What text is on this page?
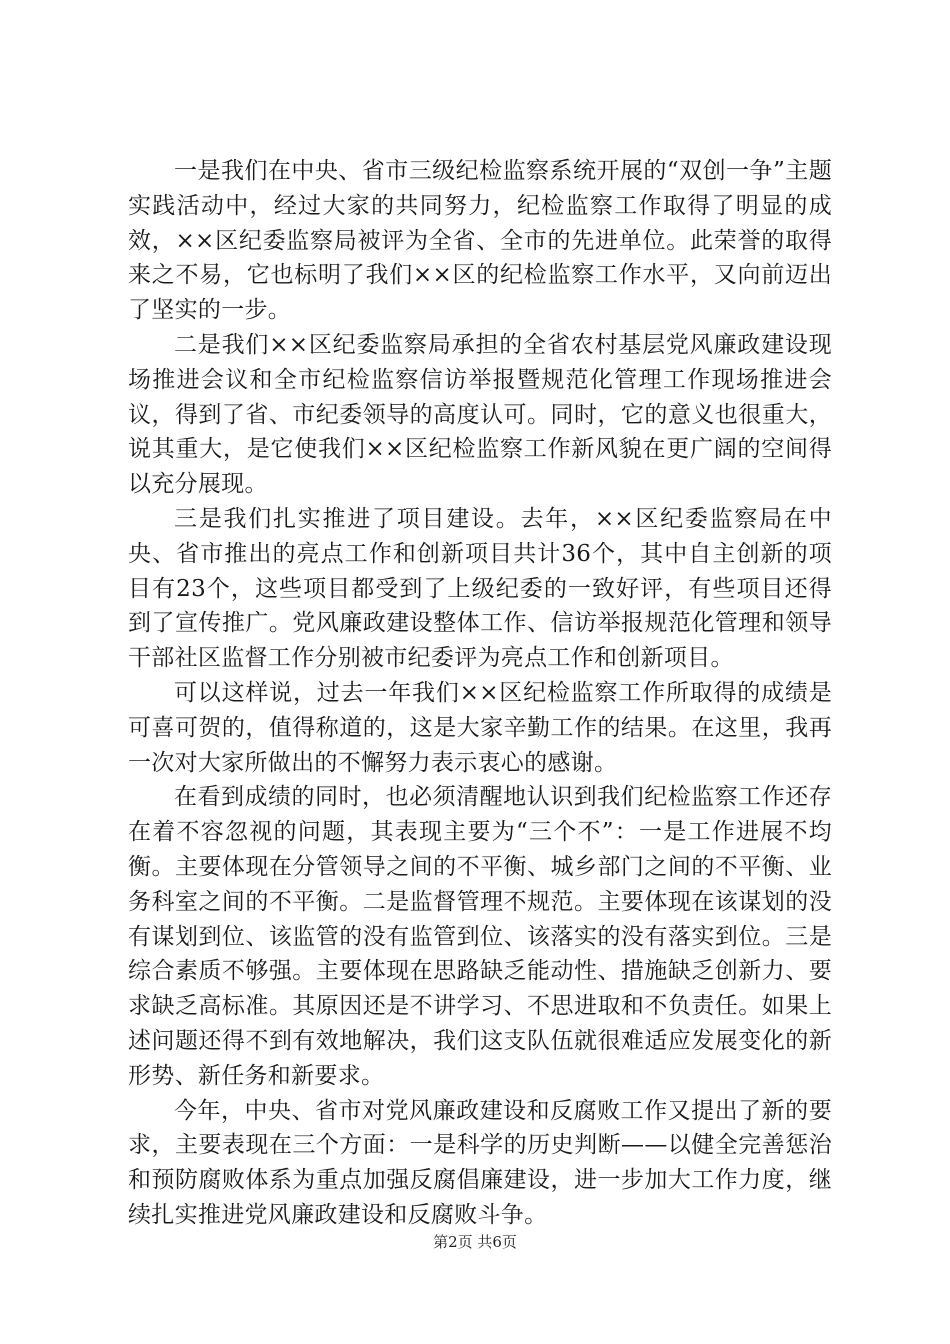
一是我们在中央、省市三级纪检监察系统开展的“双创一争”主题实践活动中，经过大家的共同努力，纪检监察工作取得了明显的成效，××区纪委监察局被评为全省、全市的先进单位。此荣誉的取得来之不易，它也标明了我们××区的纪检监察工作水平，又向前迈出了坚实的一步。

二是我们××区纪委监察局承担的全省农村基层党风廉政建设现场推进会议和全市纪检监察信访举报暨规范化管理工作现场推进会议，得到了省、市纪委领导的高度认可。同时，它的意义也很重大，说其重大，是它使我们××区纪检监察工作新风貌在更广阔的空间得以充分展现。

三是我们扎实推进了项目建设。去年，××区纪委监察局在中央、省市推出的亮点工作和创新项目共计36个，其中自主创新的项目有23个，这些项目都受到了上级纪委的一致好评，有些项目还得到了宣传推广。党风廉政建设整体工作、信访举报规范化管理和领导干部社区监督工作分别被市纪委评为亮点工作和创新项目。

可以这样说，过去一年我们××区纪检监察工作所取得的成绩是可喜可贺的，值得称道的，这是大家辛勤工作的结果。在这里，我再一次对大家所做出的不懈努力表示衷心的感谢。

在看到成绩的同时，也必须清醒地认识到我们纪检监察工作还存在着不容忽视的问题，其表现主要为“三个不”：一是工作进展不均衡。主要体现在分管领导之间的不平衡、城乡部门之间的不平衡、业务科室之间的不平衡。二是监督管理不规范。主要体现在该谋划的没有谋划到位、该监管的没有监管到位、该落实的没有落实到位。三是综合素质不够强。主要体现在思路缺乏能动性、措施缺乏创新力、要求缺乏高标准。其原因还是不讲学习、不思进取和不负责任。如果上述问题还得不到有效地解决，我们这支队伍就很难适应发展变化的新形势、新任务和新要求。

今年，中央、省市对党风廉政建设和反腐败工作又提出了新的要求，主要表现在三个方面：一是科学的历史判断——以健全完善惩治和预防腐败体系为重点加强反腐倡廉建设，进一步加大工作力度，继续扎实推进党风廉政建设和反腐败斗争。

第2页 共6页
